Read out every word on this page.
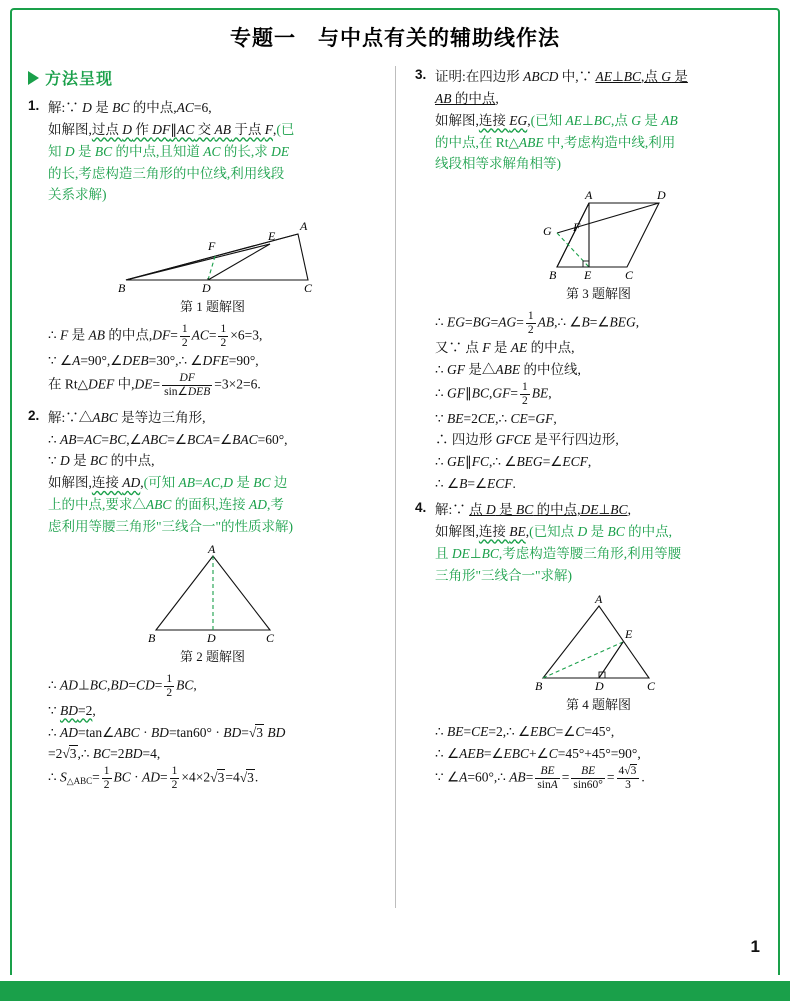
专题一 与中点有关的辅助线作法
方法呈现
1. 解:∵ D 是 BC 的中点,AC=6,
如解图,过点 D 作 DF∥AC 交 AB 于点 F,(已
知 D 是 BC 的中点,且知道 AC 的长,求 DE
的长,考虑构造三角形的中位线,利用线段
关系求解)
A
B	C
D
E
F
第 1 题解图
∴ F 是 AB 的中点$,DF= \frac{1}{2} AC= \frac{1}{2} \times 6=3$,
∵ ∠A=90°,∠DEB=30°,∴ ∠DFE=90°,
在 Rt△DEF 中$,DE= \frac{DF}{\text{sin∠DEB}} =3\times 2=6$.
2. 解:∵△ABC 是等边三角形,
∴ AB=AC=BC,∠ABC=∠BCA=∠BAC=60°,
∵ D 是 BC 的中点,
如解图,连接 AD,(可知 AB=AC,D 是 BC 边
上的中点,要求△ABC 的面积,连接 AD,考
虑利用等腰三角形"三线合一"的性质求解)
A
B	C
D
第 2 题解图
∴ AD⊥BC,BD=CD= $\frac{1}{2}$ BC,
∵ BD=2,
∴ AD=tan∠ABC · BD=tan60° · BD=√3 BD
=2√3,∴ BC=2BD=4,
∴ $S_{\triangle ABC}= \frac{1}{2}$ BC · $AD= \frac{1}{2} \times 4\times 2√3=4√3$.
3. 证明:在四边形 ABCD 中,∵ AE⊥BC,点 G 是
AB 的中点,
如解图,连接 EG,(已知 AE⊥BC,点 G 是 AB
的中点,在 Rt△ABE 中,考虑构造中线,利用
线段相等求解角相等)
A	D
B	C
E
F
G
第 3 题解图
∴ $EG=BG=AG= \frac{1}{2}$ AB,∴ ∠B=∠BEG,
又∵ 点 F 是 AE 的中点,
∴ GF 是△ABE 的中位线,
∴ GF∥BC,GF= $\frac{1}{2}$ BE,
∵ BE=2CE,∴ CE=GF,
∴ 四边形 GFCE 是平行四边形,
∴ GE∥FC,∴ ∠BEG=∠ECF,
∴ ∠B=∠ECF.
4. 解:∵ 点 D 是 BC 的中点,DE⊥BC,
如解图,连接 BE,(已知点 D 是 BC 的中点,
且 DE⊥BC,考虑构造等腰三角形,利用等腰
三角形"三线合一"求解)
A
B	C
D
E
第 4 题解图
∴ BE=CE=2,∴ ∠EBC=∠C=45°,
∴ ∠AEB=∠EBC+∠C=45°+45°=90°,
∵ ∠A=60°,∴ $AB= \frac{BE}{\sin A} = \frac{BE}{\sin 60^\circ} = \frac{4√3}{3}$ .
1
